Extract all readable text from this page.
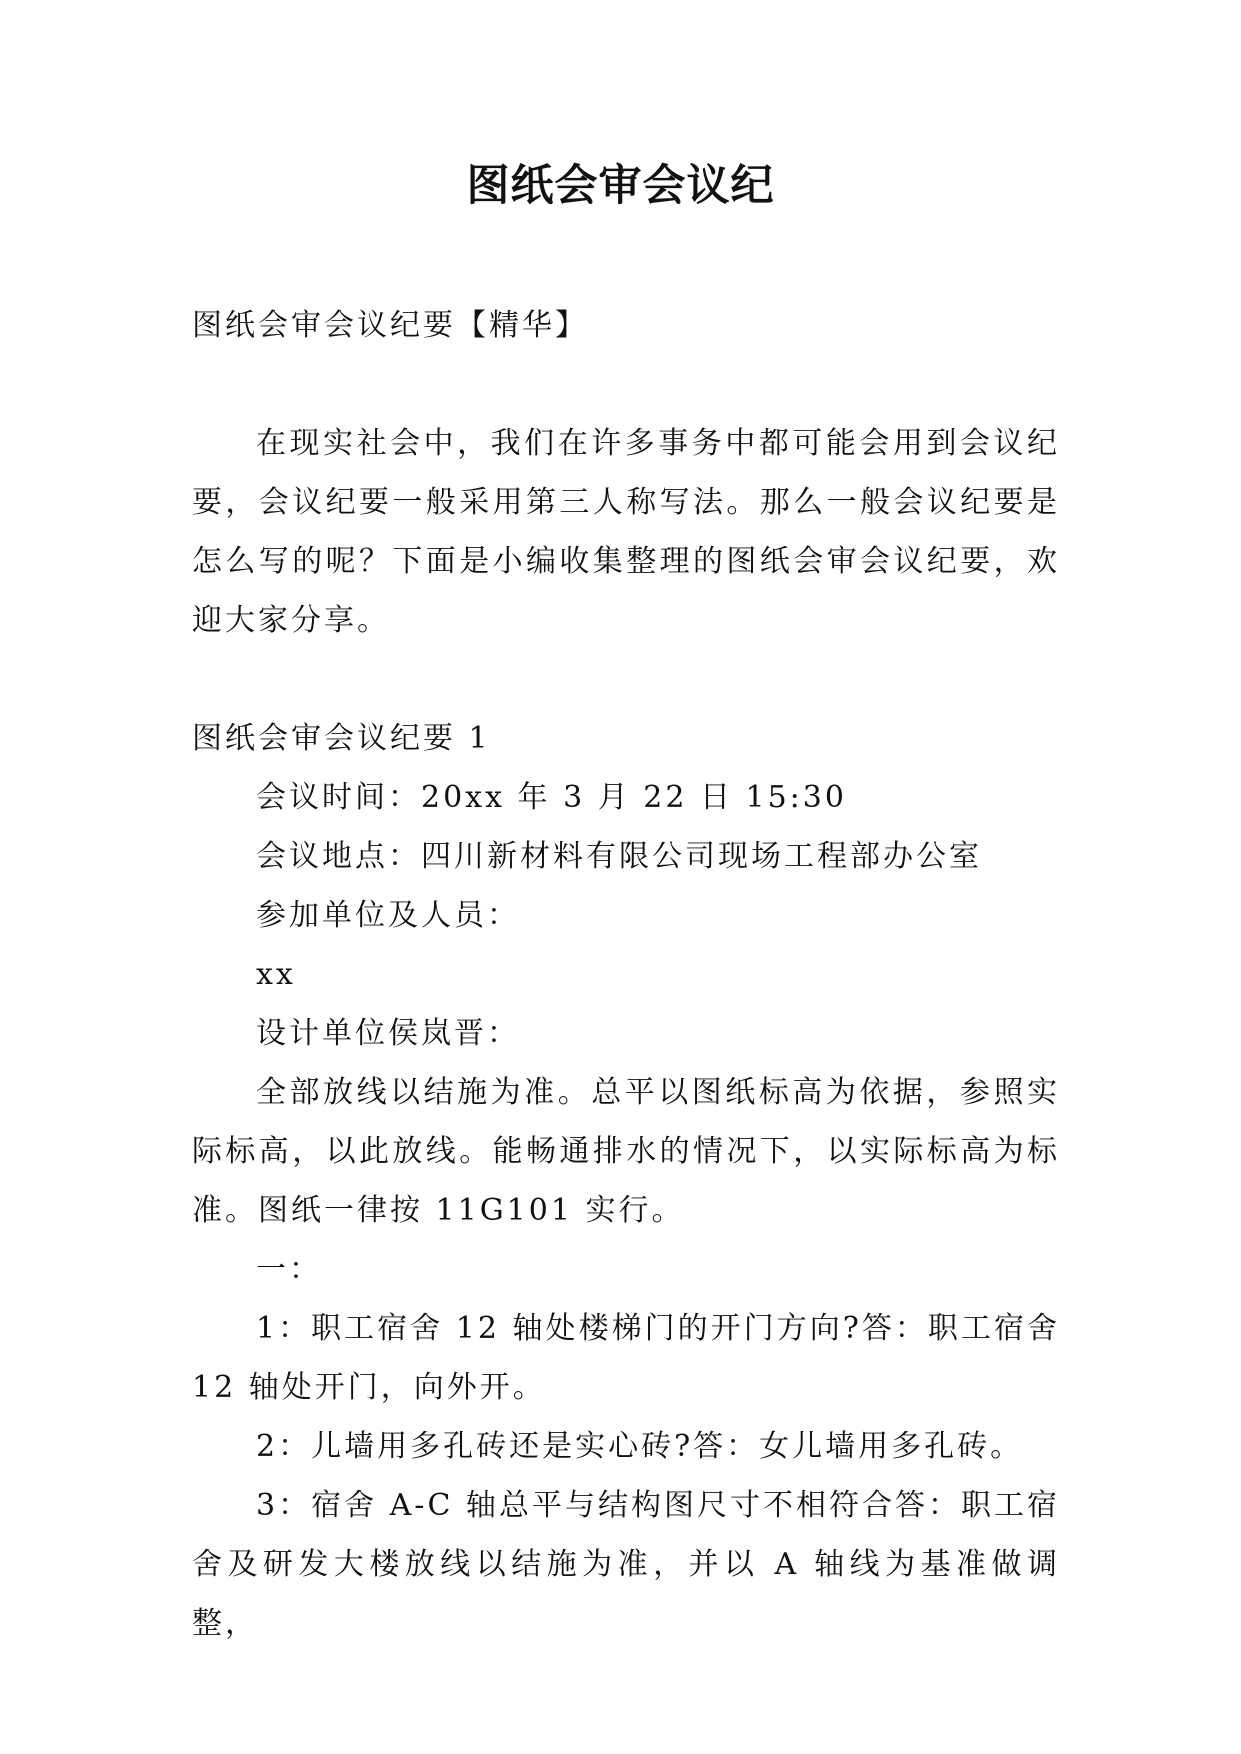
图纸会审会议纪

图纸会审会议纪要【精华】

在现实社会中，我们在许多事务中都可能会用到会议纪要，会议纪要一般采用第三人称写法。那么一般会议纪要是怎么写的呢？下面是小编收集整理的图纸会审会议纪要，欢迎大家分享。

图纸会审会议纪要 1

会议时间：20xx 年 3 月 22 日 15:30

会议地点：四川新材料有限公司现场工程部办公室

参加单位及人员：

xx

设计单位侯岚晋：

全部放线以结施为准。总平以图纸标高为依据，参照实际标高，以此放线。能畅通排水的情况下，以实际标高为标准。图纸一律按 11G101 实行。

一：

1：职工宿舍 12 轴处楼梯门的开门方向?答：职工宿舍 12 轴处开门，向外开。

2：儿墙用多孔砖还是实心砖?答：女儿墙用多孔砖。

3：宿舍 A-C 轴总平与结构图尺寸不相符合答：职工宿舍及研发大楼放线以结施为准，并以 A 轴线为基准做调整，
